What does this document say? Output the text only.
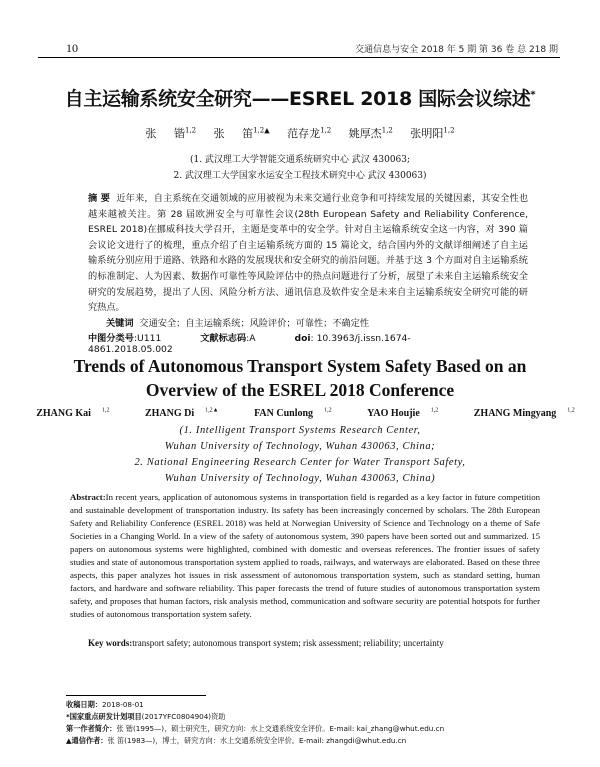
10	交通信息与安全 2018 年 5 期 第 36 卷 总 218 期
自主运输系统安全研究——ESREL 2018 国际会议综述*
张 锴$^{1,2}$ 张 笛$^{1,2▲}$ 范存龙$^{1,2}$ 姚厚杰$^{1,2}$ 张明阳$^{1,2}$
(1. 武汉理工大学智能交通系统研究中心 武汉 430063;
2. 武汉理工大学国家水运安全工程技术研究中心 武汉 430063)
摘 要 近年来，自主系统在交通领域的应用被视为未来交通行业竞争和可持续发展的关键因素，其安全性也越来越被关注。第 28 届欧洲安全与可靠性会议(28th European Safety and Reliability Conference, ESREL 2018)在挪威科技大学召开，主题是变革中的安全学。针对自主运输系统安全这一内容，对 390 篇会议论文进行了的梳理，重点介绍了自主运输系统方面的 15 篇论文，结合国内外的文献详细阐述了自主运输系统分别应用于道路、铁路和水路的发展现状和安全研究的前沿问题。并基于这 3 个方面对自主运输系统的标准制定、人为因素、数据作可靠性等风险评估中的热点问题进行了分析，展望了未来自主运输系统安全研究的发展趋势，提出了人因、风险分析方法、通讯信息及软件安全是未来自主运输系统安全研究可能的研究热点。
关键词 交通安全；自主运输系统；风险评价；可靠性；不确定性
中图分类号:U111	文献标志码:A	doi: 10.3963/j.issn.1674-4861.2018.05.002
Trends of Autonomous Transport System Safety Based on an
Overview of the ESREL 2018 Conference
ZHANG Kai $^{1,2}$	ZHANG Di $^{1,2▲}$	FAN Cunlong $^{1,2}$	YAO Houjie $^{1,2}$	ZHANG Mingyang $^{1,2}$
(1. Intelligent Transport Systems Research Center,
Wuhan University of Technology, Wuhan 430063, China;
2. National Engineering Research Center for Water Transport Safety,
Wuhan University of Technology, Wuhan 430063, China)
Abstract:In recent years, application of autonomous systems in transportation field is regarded as a key factor in future competition and sustainable development of transportation industry. Its safety has been increasingly concerned by scholars. The 28th European Safety and Reliability Conference (ESREL 2018) was held at Norwegian University of Science and Technology on a theme of Safe Societies in a Changing World. In a view of the safety of autonomous system, 390 papers have been sorted out and summarized. 15 papers on autonomous systems were highlighted, combined with domestic and overseas references. The frontier issues of safety studies and state of autonomous transportation system applied to roads, railways, and waterways are elaborated. Based on these three aspects, this paper analyzes hot issues in risk assessment of autonomous transportation system, such as standard setting, human factors, and hardware and software reliability. This paper forecasts the trend of future studies of autonomous transportation system safety, and proposes that human factors, risk analysis method, communication and software security are potential hotspots for further studies of autonomous transportation system safety.
Key words:transport safety; autonomous transport system; risk assessment; reliability; uncertainty
收稿日期：2018-08-01
*国家重点研发计划项目(2017YFC0804904)资助
第一作者简介：张 锴(1995—)，硕士研究生，研究方向：水上交通系统安全评价。E-mail: kai_zhang@whut.edu.cn
▲通信作者：张 笛(1983—)，博士，研究方向：水上交通系统安全评价。E-mail: zhangdi@whut.edu.cn
